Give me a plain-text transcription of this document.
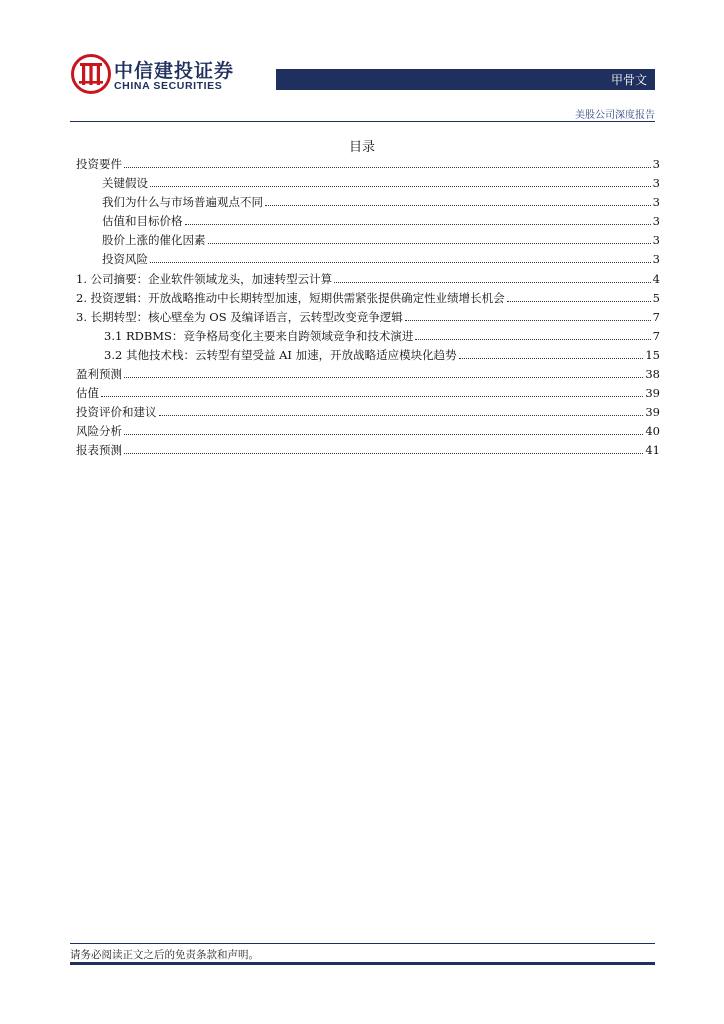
中信建投证券
CHINA SECURITIES	甲骨文
美股公司深度报告
目录
投资要件	3
关键假设	3
我们为什么与市场普遍观点不同	3
估值和目标价格	3
股价上涨的催化因素	3
投资风险	3
1. 公司摘要：企业软件领域龙头，加速转型云计算	4
2. 投资逻辑：开放战略推动中长期转型加速，短期供需紧张提供确定性业绩增长机会	5
3. 长期转型：核心壁垒为 OS 及编译语言，云转型改变竞争逻辑	7
3.1 RDBMS：竞争格局变化主要来自跨领域竞争和技术演进	7
3.2 其他技术栈：云转型有望受益 AI 加速，开放战略适应模块化趋势	15
盈利预测	38
估值	39
投资评价和建议	39
风险分析	40
报表预测	41
请务必阅读正文之后的免责条款和声明。
